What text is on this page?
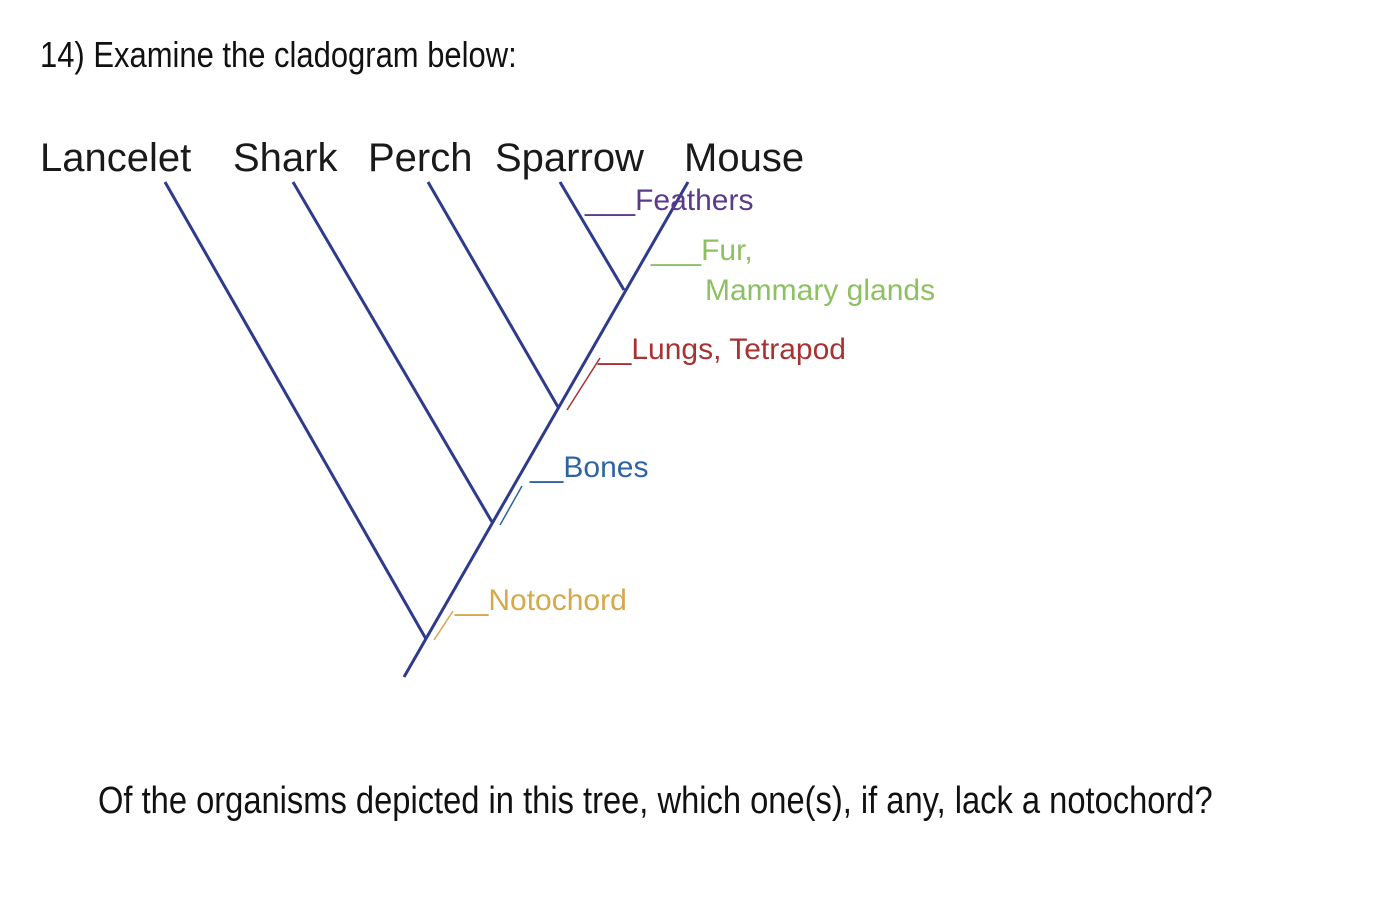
14) Examine the cladogram below:
Lancelet Shark Perch Sparrow Mouse
___Feathers
___Fur,
Mammary glands
__Lungs, Tetrapod
__Bones
__Notochord
Of the organisms depicted in this tree, which one(s), if any, lack a notochord?
